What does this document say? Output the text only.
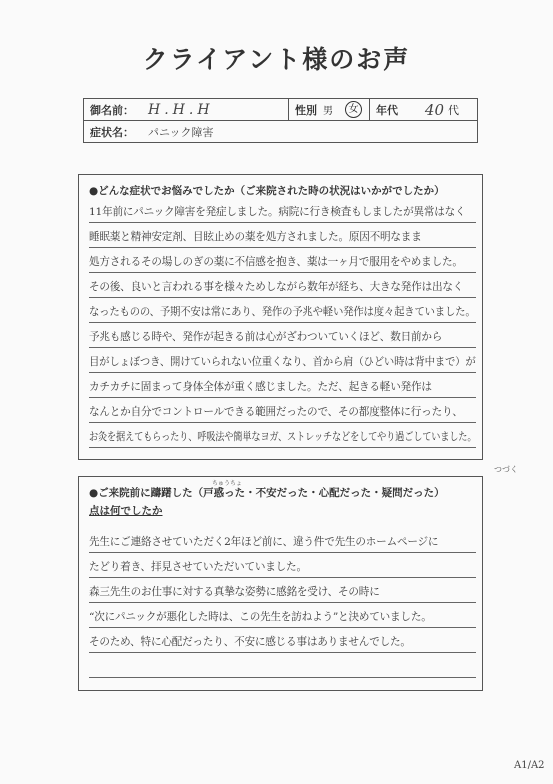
クライアント様のお声
御名前：	H.H.H	性別 男	女	年代	40 代
症状名：	パニック障害
●どんな症状でお悩みでしたか（ご来院された時の状況はいかがでしたか）
11年前にパニック障害を発症しました。病院に行き検査もしましたが異常はなく
睡眠薬と精神安定剤、目眩止めの薬を処方されました。原因不明なまま
処方されるその場しのぎの薬に不信感を抱き、薬は一ヶ月で服用をやめました。
その後、良いと言われる事を様々ためしながら数年が経ち、大きな発作は出なく
なったものの、予期不安は常にあり、発作の予兆や軽い発作は度々起きていました。
予兆も感じる時や、発作が起きる前は心がざわついていくほど、数日前から
目がしょぼつき、開けていられない位重くなり、首から肩（ひどい時は背中まで）が
カチカチに固まって身体全体が重く感じました。ただ、起きる軽い発作は
なんとか自分でコントロールできる範囲だったので、その都度整体に行ったり、
お灸を据えてもらったり、呼吸法や簡単なヨガ、ストレッチなどをしてやり過ごしていました。
つづく
ちゅうちょ
●ご来院前に躊躇した（戸惑った・不安だった・心配だった・疑問だった）
点は何でしたか
先生にご連絡させていただく2年ほど前に、違う件で先生のホームページに
たどり着き、拝見させていただいていました。
森三先生のお仕事に対する真摯な姿勢に感銘を受け、その時に
“次にパニックが悪化した時は、この先生を訪ねよう”と決めていました。
そのため、特に心配だったり、不安に感じる事はありませんでした。
A1/A2
